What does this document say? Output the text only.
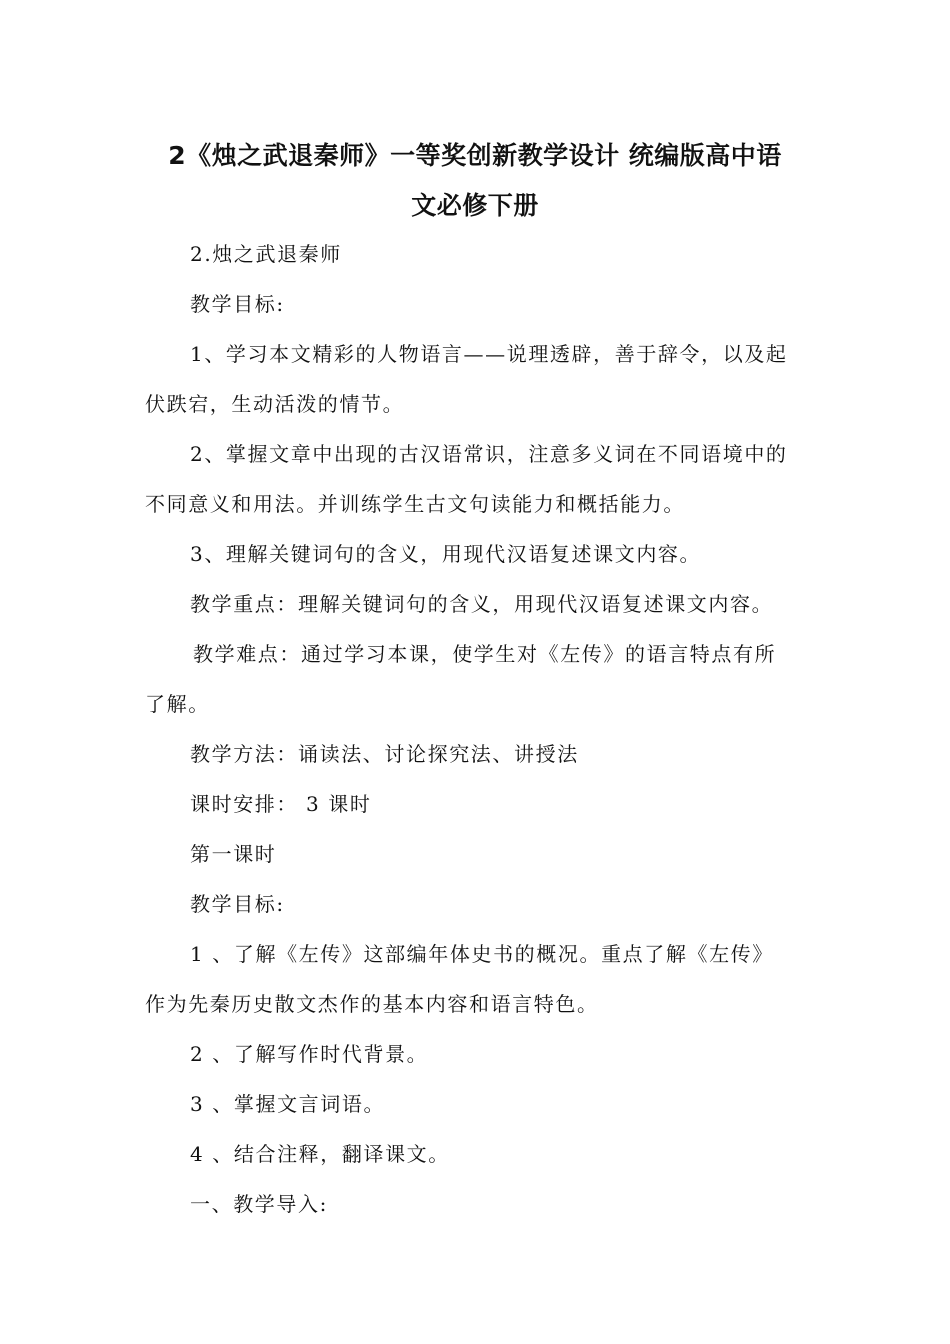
2《烛之武退秦师》一等奖创新教学设计 统编版高中语
文必修下册
2.烛之武退秦师
教学目标:
1、学习本文精彩的人物语言——说理透辟，善于辞令，以及起
伏跌宕，生动活泼的情节。
2、掌握文章中出现的古汉语常识，注意多义词在不同语境中的
不同意义和用法。并训练学生古文句读能力和概括能力。
3、理解关键词句的含义，用现代汉语复述课文内容。
教学重点：理解关键词句的含义，用现代汉语复述课文内容。
教学难点：通过学习本课，使学生对《左传》的语言特点有所
了解。
教学方法：诵读法、讨论探究法、讲授法
课时安排： 3 课时
第一课时
教学目标:
1 、了解《左传》这部编年体史书的概况。重点了解《左传》
作为先秦历史散文杰作的基本内容和语言特色。
2 、了解写作时代背景。
3 、掌握文言词语。
4 、结合注释，翻译课文。
一、教学导入:
